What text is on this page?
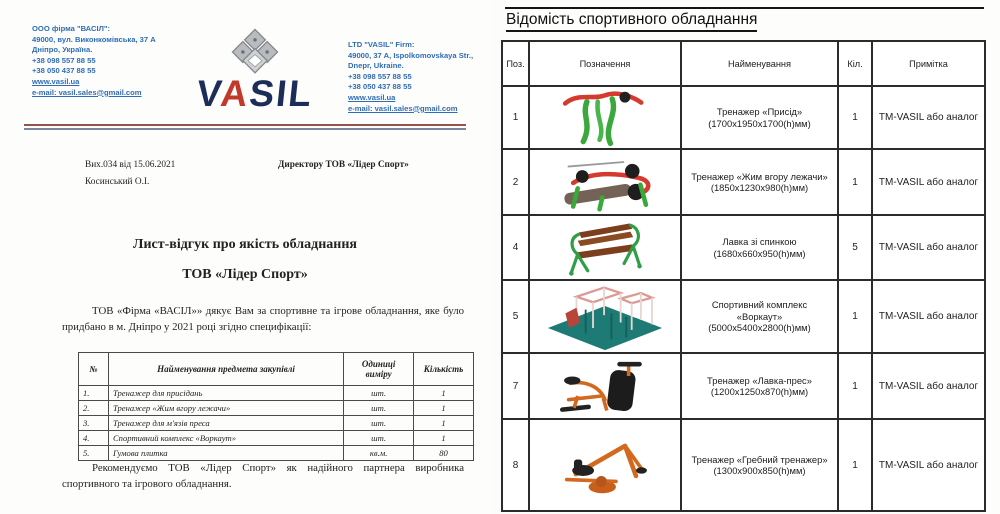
ООО фірма "ВАСІЛ":
49000, вул. Виконкомівська, 37 А
Дніпро, Україна.
+38 098 557 88 55
+38 050 437 88 55
www.vasil.ua
e-mail: vasil.sales@gmail.com
LTD "VASIL" Firm:
49000, 37 A, Ispolkomovskaya Str.,
Dnepr, Ukraine.
+38 098 557 88 55
+38 050 437 88 55
www.vasil.ua
e-mail: vasil.sales@gmail.com
VASIL
Вих.034 від 15.06.2021
Косинський О.І.
Директору ТОВ «Лідер Спорт»
Лист-відгук про якість обладнання
ТОВ «Лідер Спорт»
ТОВ «Фірма «ВАСІЛ»» дякує Вам за спортивне та ігрове обладнання, яке було придбано в м. Дніпро у 2021 році згідно специфікації:
№	Найменування предмета закупівлі	Одиниці виміру	Кількість
1.	Тренажер для присідань	шт.	1
2.	Тренажер «Жим вгору лежачи»	шт.	1
3.	Тренажер для м'язів преса	шт.	1
4.	Спортивний комплекс «Воркаут»	шт.	1
5.	Гумова плитка	кв.м.	80
Рекомендуємо ТОВ «Лідер Спорт» як надійного партнера виробника спортивного та ігрового обладнання.
Відомість спортивного обладнання
Поз.	Позначення	Найменування	Кіл.	Примітка
1		Тренажер «Присід»
(1700х1950х1700(h)мм)	1	ТМ-VASIL або аналог
2		Тренажер «Жим вгору лежачи»
(1850х1230х980(h)мм)	1	ТМ-VASIL або аналог
4		Лавка зі спинкою
(1680х660х950(h)мм)	5	ТМ-VASIL або аналог
5		Спортивний комплекс
«Воркаут»
(5000х5400х2800(h)мм)	1	ТМ-VASIL або аналог
7		Тренажер «Лавка-прес»
(1200х1250х870(h)мм)	1	ТМ-VASIL або аналог
8		Тренажер «Гребний тренажер»
(1300х900х850(h)мм)	1	ТМ-VASIL або аналог
